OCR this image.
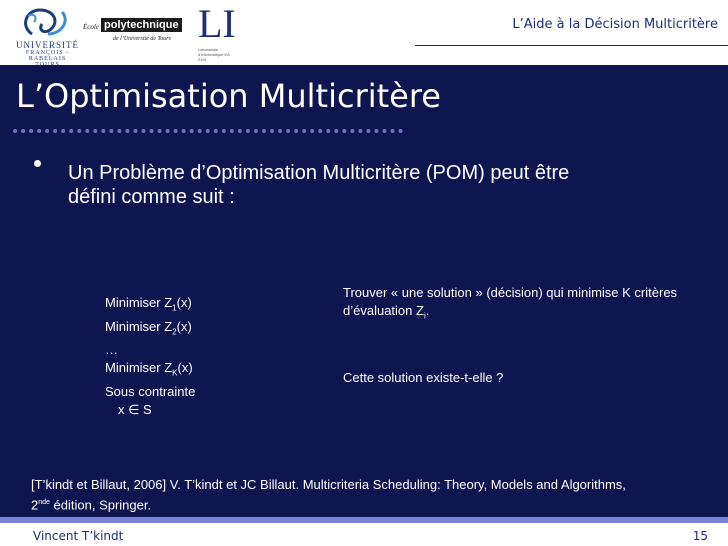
UNIVERSITÉ
FRANÇOIS - RABELAIS

École polytechnique
de l’Université de Tours LI
Laboratoire d’Informatique EA 2101
L’Aide à la Décision Multicritère
L’Optimisation Multicritère
Un Problème d’Optimisation Multicritère (POM) peut être
défini comme suit :
Minimiser $Z_1(x)$
Minimiser $Z_2(x)$
…
Minimiser $Z_K(x)$
Sous contrainte
x ∈ S
Trouver « une solution » (décision) qui minimise K critères d’évaluation $Z_i$.
Cette solution existe-t-elle ?
[T’kindt et Billaut, 2006] V. T’kindt et JC Billaut. Multicriteria Scheduling: Theory, Models and Algorithms,
2nde édition, Springer.
Vincent T’kindt	15
